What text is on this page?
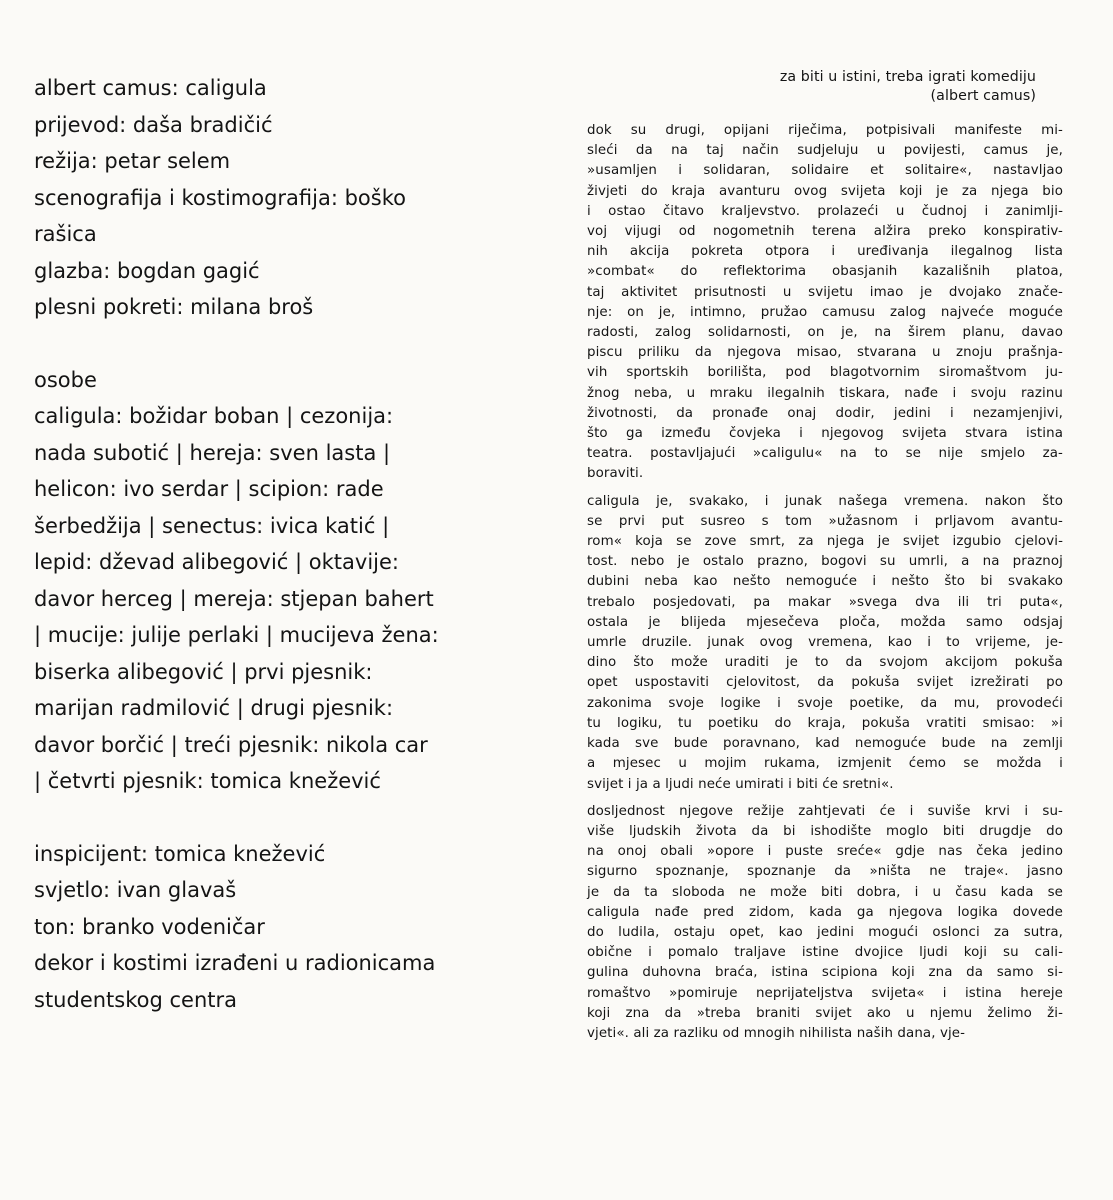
albert camus: caligula
prijevod: daša bradičić
režija: petar selem
scenografija i kostimografija: boško
rašica
glazba: bogdan gagić
plesni pokreti: milana broš
osobe
caligula: božidar boban | cezonija:
nada subotić | hereja: sven lasta |
helicon: ivo serdar | scipion: rade
šerbedžija | senectus: ivica katić |
lepid: dževad alibegović | oktavije:
davor herceg | mereja: stjepan bahert
| mucije: julije perlaki | mucijeva žena:
biserka alibegović | prvi pjesnik:
marijan radmilović | drugi pjesnik:
davor borčić | treći pjesnik: nikola car
| četvrti pjesnik: tomica knežević
inspicijent: tomica knežević
svjetlo: ivan glavaš
ton: branko vodeničar
dekor i kostimi izrađeni u radionicama
studentskog centra
za biti u istini, treba igrati komediju
(albert camus)
dok su drugi, opijani riječima, potpisivali manifeste mi-
sleći da na taj način sudjeluju u povijesti, camus je,
»usamljen i solidaran, solidaire et solitaire«, nastavljao
živjeti do kraja avanturu ovog svijeta koji je za njega bio
i ostao čitavo kraljevstvo. prolazeći u čudnoj i zanimlji-
voj vijugi od nogometnih terena alžira preko konspirativ-
nih akcija pokreta otpora i uređivanja ilegalnog lista
»combat« do reflektorima obasjanih kazališnih platoa,
taj aktivitet prisutnosti u svijetu imao je dvojako znače-
nje: on je, intimno, pružao camusu zalog najveće moguće
radosti, zalog solidarnosti, on je, na širem planu, davao
piscu priliku da njegova misao, stvarana u znoju prašnja-
vih sportskih borilišta, pod blagotvornim siromaštvom ju-
žnog neba, u mraku ilegalnih tiskara, nađe i svoju razinu
životnosti, da pronađe onaj dodir, jedini i nezamjenjivi,
što ga između čovjeka i njegovog svijeta stvara istina
teatra. postavljajući »caligulu« na to se nije smjelo za-
boraviti.
caligula je, svakako, i junak našega vremena. nakon što
se prvi put susreo s tom »užasnom i prljavom avantu-
rom« koja se zove smrt, za njega je svijet izgubio cjelovi-
tost. nebo je ostalo prazno, bogovi su umrli, a na praznoj
dubini neba kao nešto nemoguće i nešto što bi svakako
trebalo posjedovati, pa makar »svega dva ili tri puta«,
ostala je blijeda mjesečeva ploča, možda samo odsjaj
umrle druzile. junak ovog vremena, kao i to vrijeme, je-
dino što može uraditi je to da svojom akcijom pokuša
opet uspostaviti cjelovitost, da pokuša svijet izrežirati po
zakonima svoje logike i svoje poetike, da mu, provodeći
tu logiku, tu poetiku do kraja, pokuša vratiti smisao: »i
kada sve bude poravnano, kad nemoguće bude na zemlji
a mjesec u mojim rukama, izmjenit ćemo se možda i
svijet i ja a ljudi neće umirati i biti će sretni«.
dosljednost njegove režije zahtjevati će i suviše krvi i su-
više ljudskih života da bi ishodište moglo biti drugdje do
na onoj obali »opore i puste sreće« gdje nas čeka jedino
sigurno spoznanje, spoznanje da »ništa ne traje«. jasno
je da ta sloboda ne može biti dobra, i u času kada se
caligula nađe pred zidom, kada ga njegova logika dovede
do ludila, ostaju opet, kao jedini mogući oslonci za sutra,
obične i pomalo traljave istine dvojice ljudi koji su cali-
gulina duhovna braća, istina scipiona koji zna da samo si-
romaštvo »pomiruje neprijateljstva svijeta« i istina hereje
koji zna da »treba braniti svijet ako u njemu želimo ži-
vjeti«. ali za razliku od mnogih nihilista naših dana, vje-
